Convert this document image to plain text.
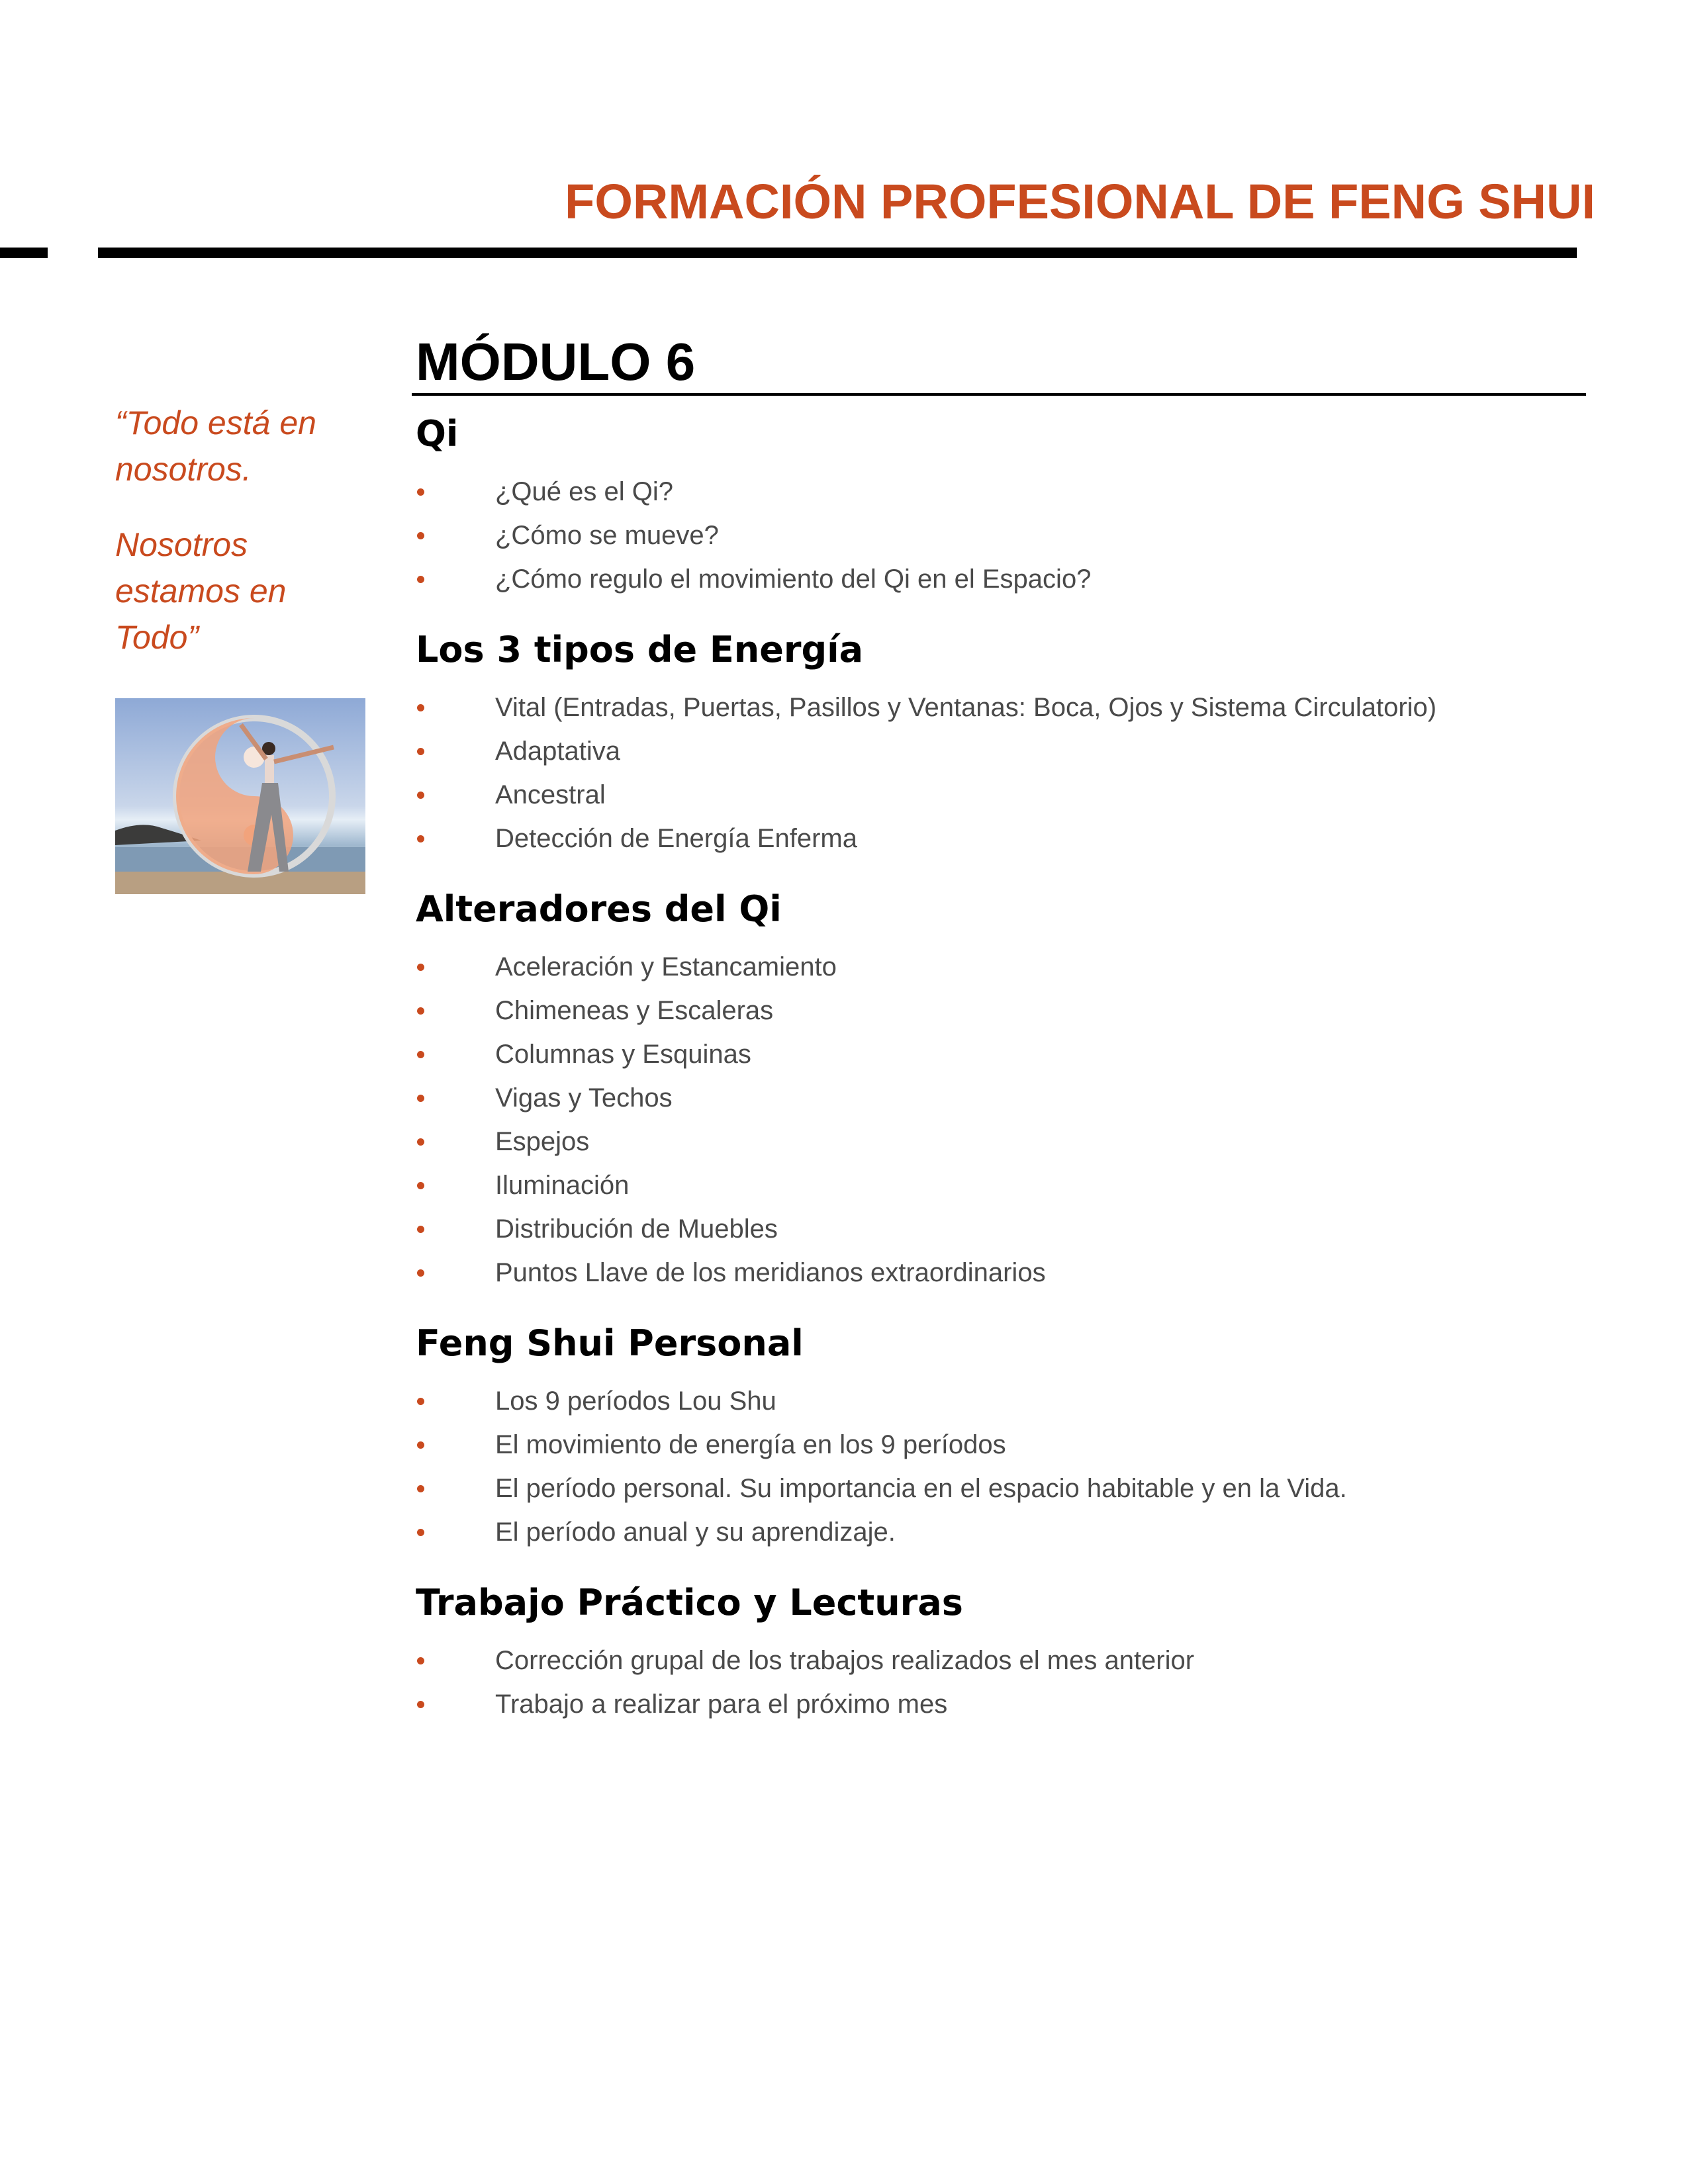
FORMACIÓN PROFESIONAL DE FENG SHUI

“Todo está en nosotros.

Nosotros estamos en Todo”

MÓDULO 6
Qi
¿Qué es el Qi?
¿Cómo se mueve?
¿Cómo regulo el movimiento del Qi en el Espacio?
Los 3 tipos de Energía
Vital (Entradas, Puertas, Pasillos y Ventanas: Boca, Ojos y Sistema Circulatorio)
Adaptativa
Ancestral
Detección de Energía Enferma
Alteradores del Qi
Aceleración y Estancamiento
Chimeneas y Escaleras
Columnas y Esquinas
Vigas y Techos
Espejos
Iluminación
Distribución de Muebles
Puntos Llave de los meridianos extraordinarios
Feng Shui Personal
Los 9 períodos Lou Shu
El movimiento de energía en los 9 períodos
El período personal. Su importancia en el espacio habitable y en la Vida.
El período anual y su aprendizaje.
Trabajo Práctico y Lecturas
Corrección grupal de los trabajos realizados el mes anterior
Trabajo a realizar para el próximo mes
